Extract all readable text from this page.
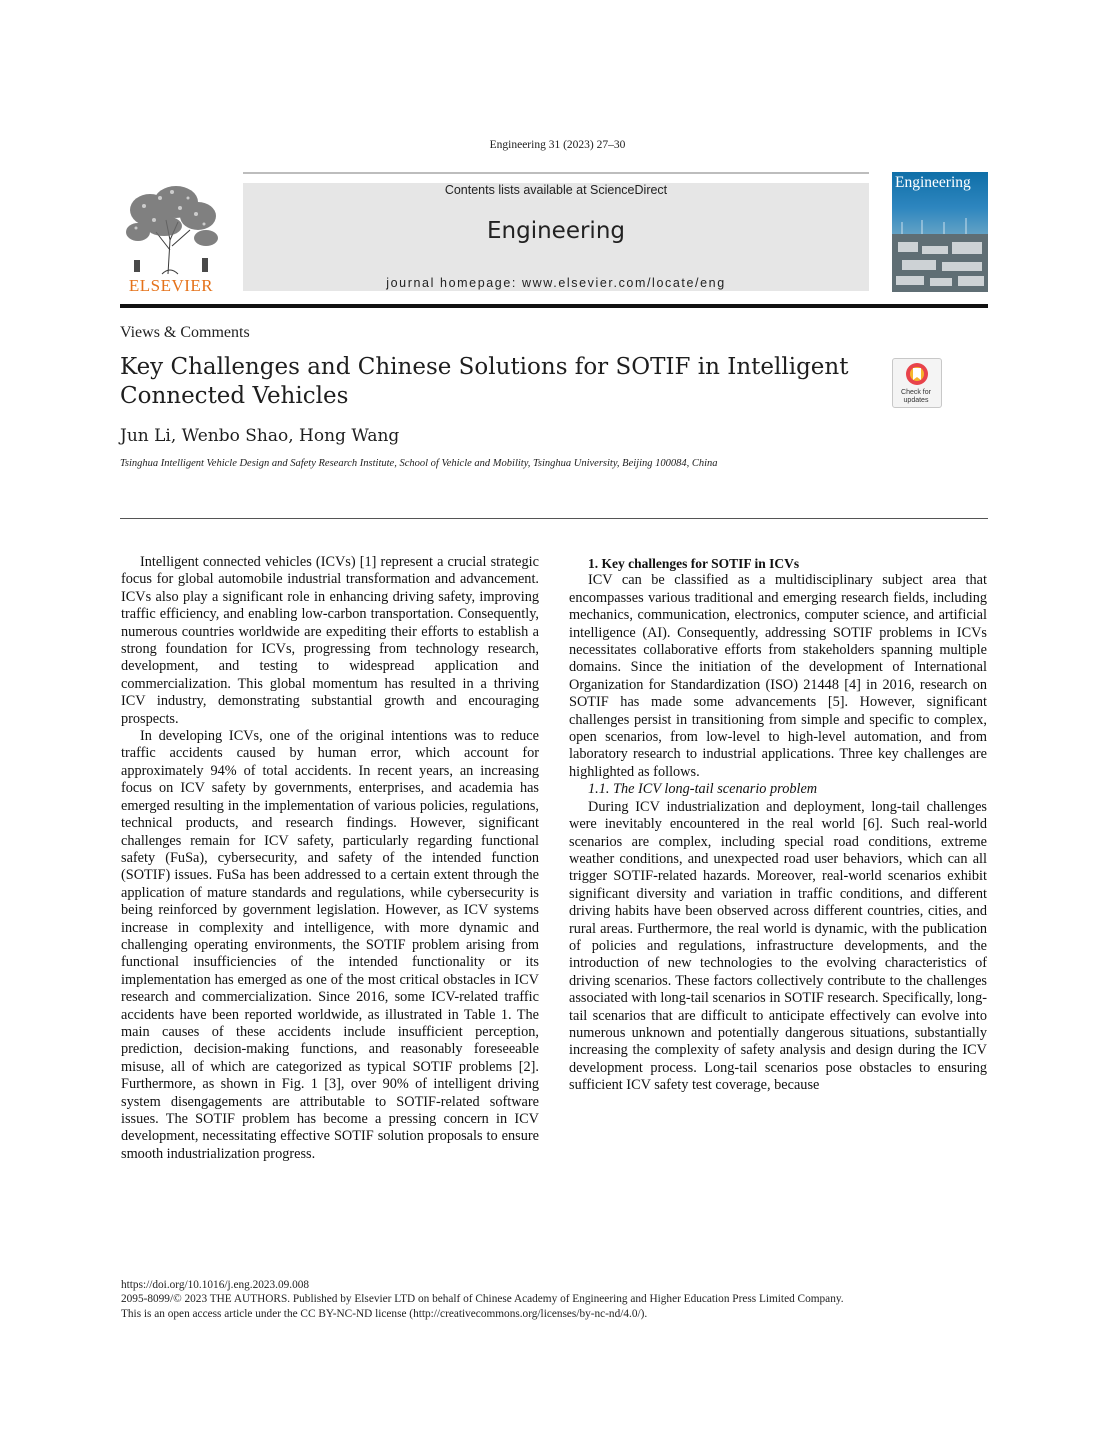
Engineering 31 (2023) 27–30
ELSEVIER
Contents lists available at ScienceDirect
Engineering
journal homepage: www.elsevier.com/locate/eng
Engineering
Views & Comments
Key Challenges and Chinese Solutions for SOTIF in Intelligent Connected Vehicles	Check for updates
Jun Li, Wenbo Shao, Hong Wang
Tsinghua Intelligent Vehicle Design and Safety Research Institute, School of Vehicle and Mobility, Tsinghua University, Beijing 100084, China

Intelligent connected vehicles (ICVs) [1] represent a crucial strategic focus for global automobile industrial transformation and advancement. ICVs also play a significant role in enhancing driving safety, improving traffic efficiency, and enabling low-carbon transportation. Consequently, numerous countries worldwide are expediting their efforts to establish a strong foundation for ICVs, progressing from technology research, development, and testing to widespread application and commercialization. This global momentum has resulted in a thriving ICV industry, demonstrating substantial growth and encouraging prospects.

In developing ICVs, one of the original intentions was to reduce traffic accidents caused by human error, which account for approximately 94% of total accidents. In recent years, an increasing focus on ICV safety by governments, enterprises, and academia has emerged resulting in the implementation of various policies, regulations, technical products, and research findings. However, significant challenges remain for ICV safety, particularly regarding functional safety (FuSa), cybersecurity, and safety of the intended function (SOTIF) issues. FuSa has been addressed to a certain extent through the application of mature standards and regulations, while cybersecurity is being reinforced by government legislation. However, as ICV systems increase in complexity and intelligence, with more dynamic and challenging operating environments, the SOTIF problem arising from functional insufficiencies of the intended functionality or its implementation has emerged as one of the most critical obstacles in ICV research and commercialization. Since 2016, some ICV-related traffic accidents have been reported worldwide, as illustrated in Table 1. The main causes of these accidents include insufficient perception, prediction, decision-making functions, and reasonably foreseeable misuse, all of which are categorized as typical SOTIF problems [2]. Furthermore, as shown in Fig. 1 [3], over 90% of intelligent driving system disengagements are attributable to SOTIF-related software issues. The SOTIF problem has become a pressing concern in ICV development, necessitating effective SOTIF solution proposals to ensure smooth industrialization progress.

1. Key challenges for SOTIF in ICVs

ICV can be classified as a multidisciplinary subject area that encompasses various traditional and emerging research fields, including mechanics, communication, electronics, computer science, and artificial intelligence (AI). Consequently, addressing SOTIF problems in ICVs necessitates collaborative efforts from stakeholders spanning multiple domains. Since the initiation of the development of International Organization for Standardization (ISO) 21448 [4] in 2016, research on SOTIF has made some advancements [5]. However, significant challenges persist in transitioning from simple and specific to complex, open scenarios, from low-level to high-level automation, and from laboratory research to industrial applications. Three key challenges are highlighted as follows.

1.1. The ICV long-tail scenario problem

During ICV industrialization and deployment, long-tail challenges were inevitably encountered in the real world [6]. Such real-world scenarios are complex, including special road conditions, extreme weather conditions, and unexpected road user behaviors, which can all trigger SOTIF-related hazards. Moreover, real-world scenarios exhibit significant diversity and variation in traffic conditions, and different driving habits have been observed across different countries, cities, and rural areas. Furthermore, the real world is dynamic, with the publication of policies and regulations, infrastructure developments, and the introduction of new technologies to the evolving characteristics of driving scenarios. These factors collectively contribute to the challenges associated with long-tail scenarios in SOTIF research. Specifically, long-tail scenarios that are difficult to anticipate effectively can evolve into numerous unknown and potentially dangerous situations, substantially increasing the complexity of safety analysis and design during the ICV development process. Long-tail scenarios pose obstacles to ensuring sufficient ICV safety test coverage, because

https://doi.org/10.1016/j.eng.2023.09.008
2095-8099/© 2023 THE AUTHORS. Published by Elsevier LTD on behalf of Chinese Academy of Engineering and Higher Education Press Limited Company.
This is an open access article under the CC BY-NC-ND license (http://creativecommons.org/licenses/by-nc-nd/4.0/).
